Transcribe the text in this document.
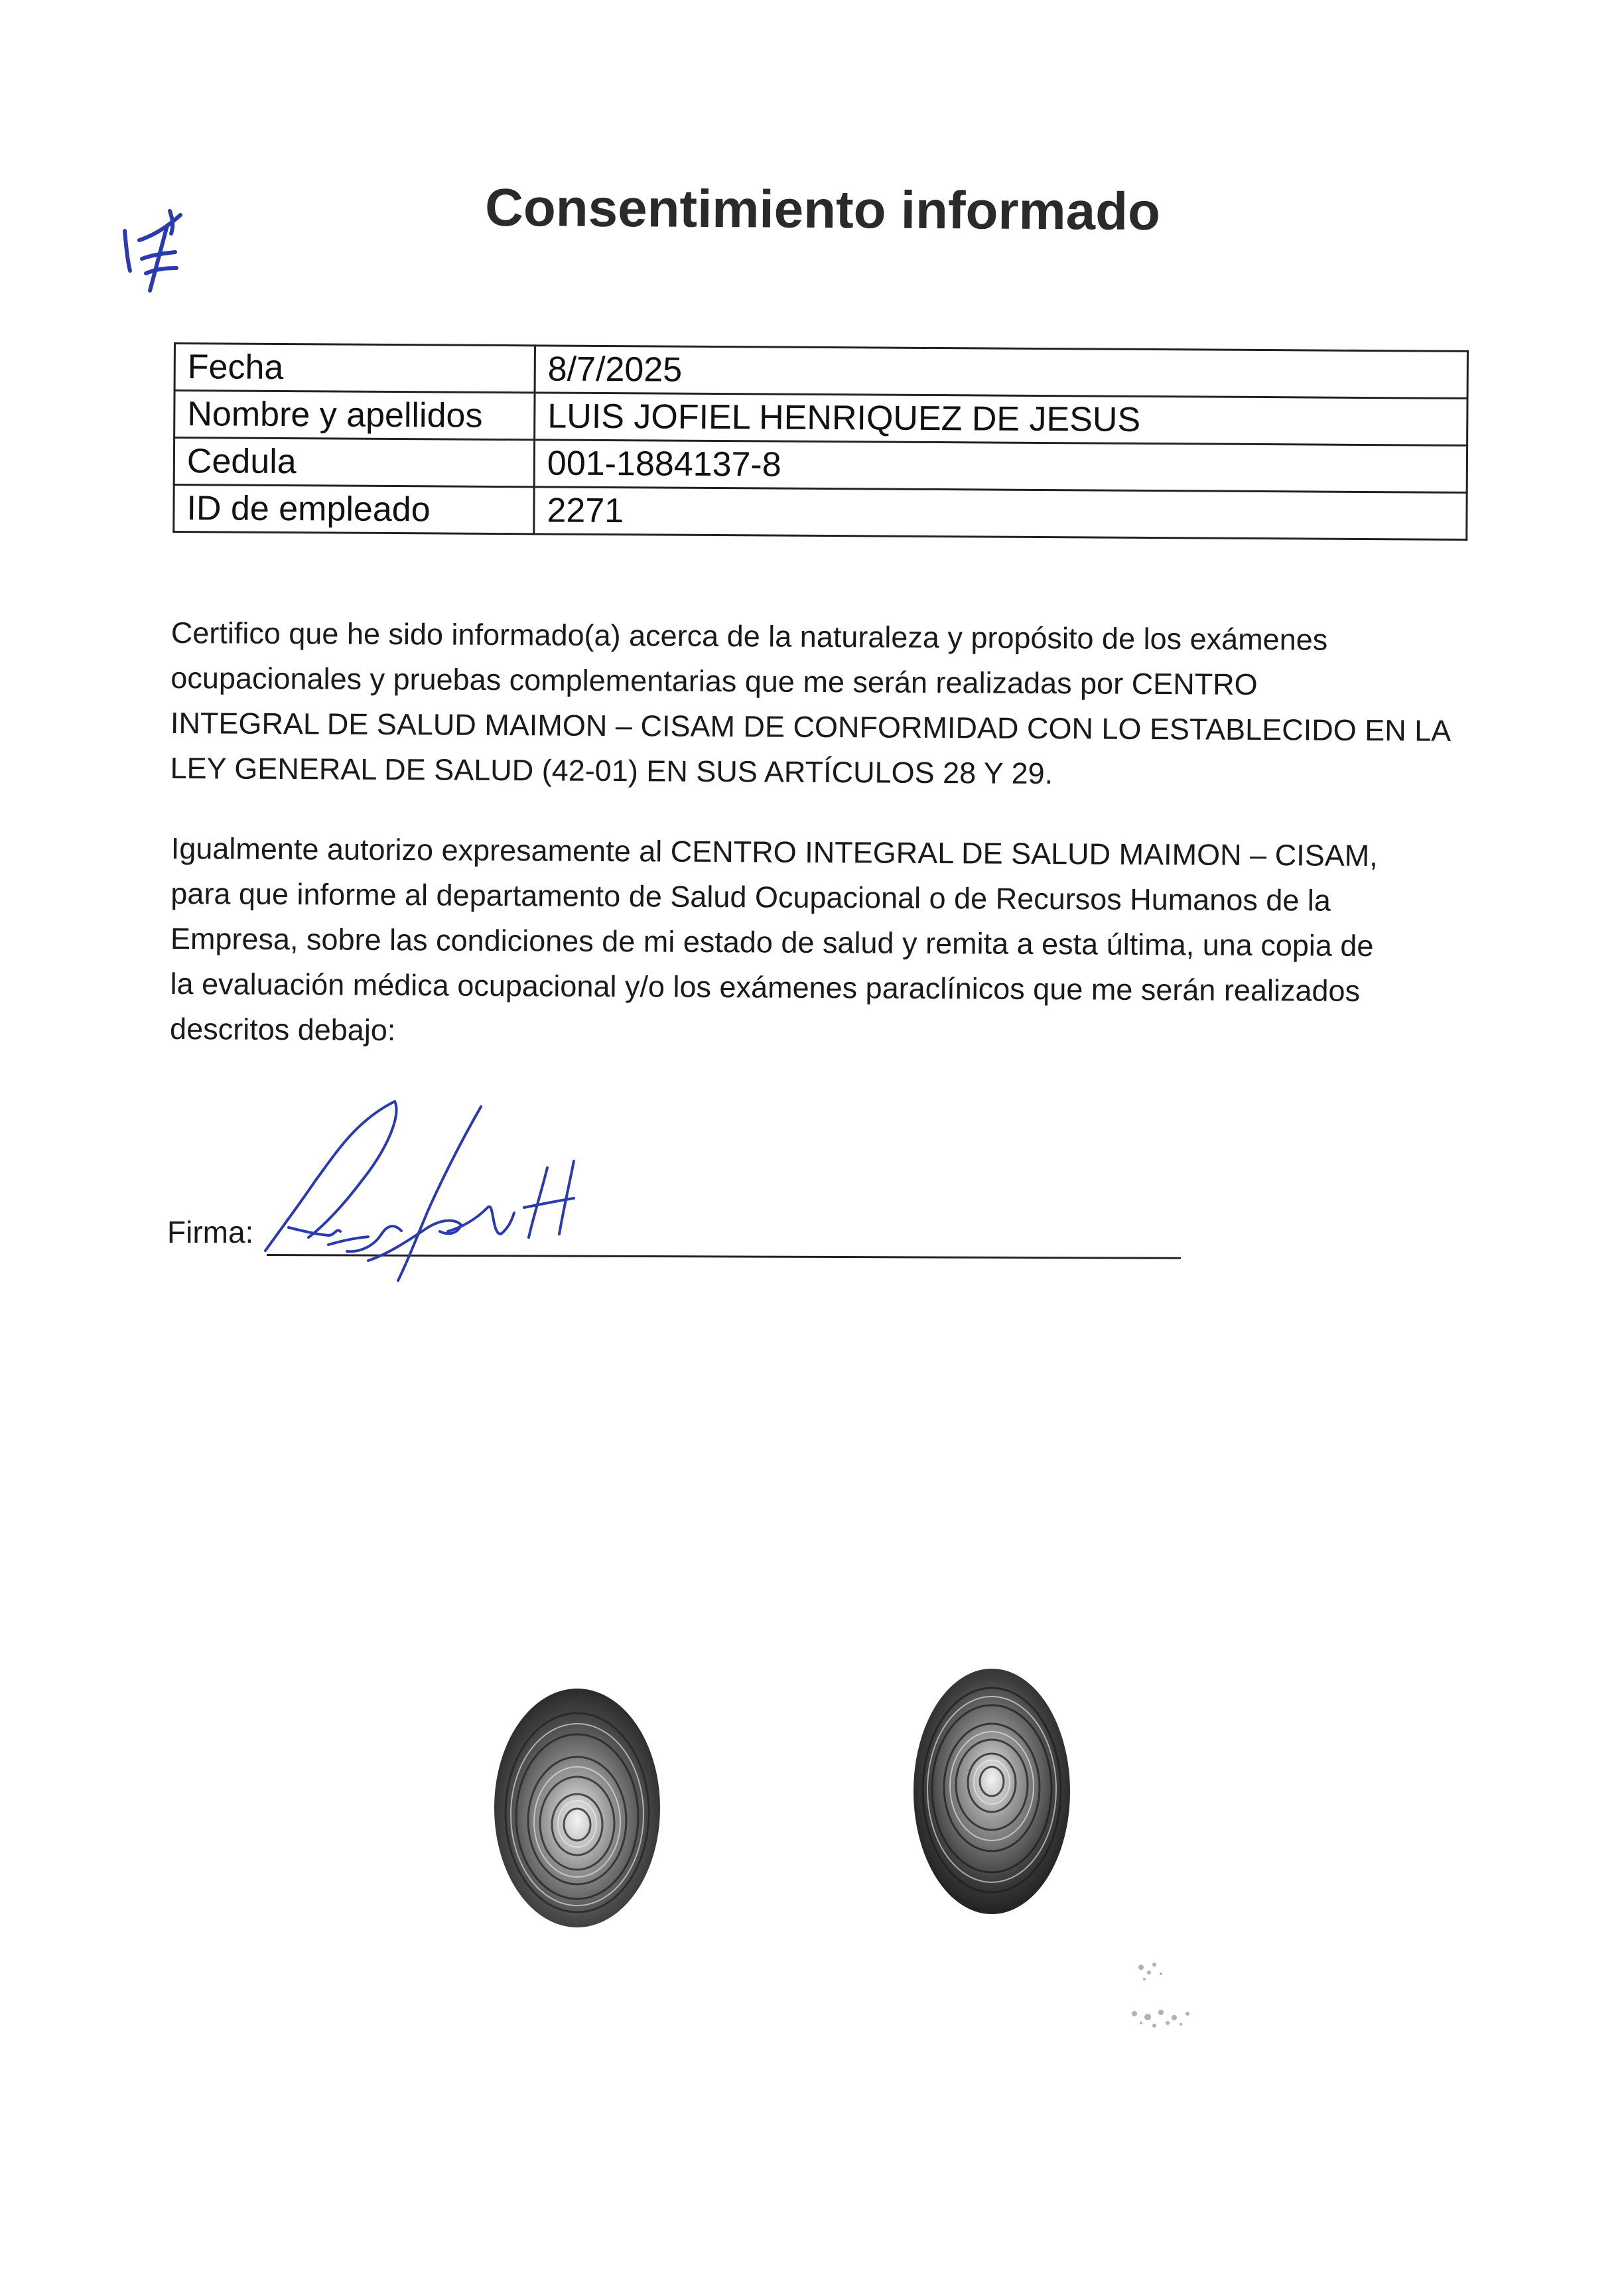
Consentimiento informado
Fecha	8/7/2025
Nombre y apellidos	LUIS JOFIEL HENRIQUEZ DE JESUS
Cedula	001-1884137-8
ID de empleado	2271
Certifico que he sido informado(a) acerca de la naturaleza y propósito de los exámenes
ocupacionales y pruebas complementarias que me serán realizadas por CENTRO
INTEGRAL DE SALUD MAIMON – CISAM DE CONFORMIDAD CON LO ESTABLECIDO EN LA
LEY GENERAL DE SALUD (42-01) EN SUS ARTÍCULOS 28 Y 29.
Igualmente autorizo expresamente al CENTRO INTEGRAL DE SALUD MAIMON – CISAM,
para que informe al departamento de Salud Ocupacional o de Recursos Humanos de la
Empresa, sobre las condiciones de mi estado de salud y remita a esta última, una copia de
la evaluación médica ocupacional y/o los exámenes paraclínicos que me serán realizados
descritos debajo:
Firma:
